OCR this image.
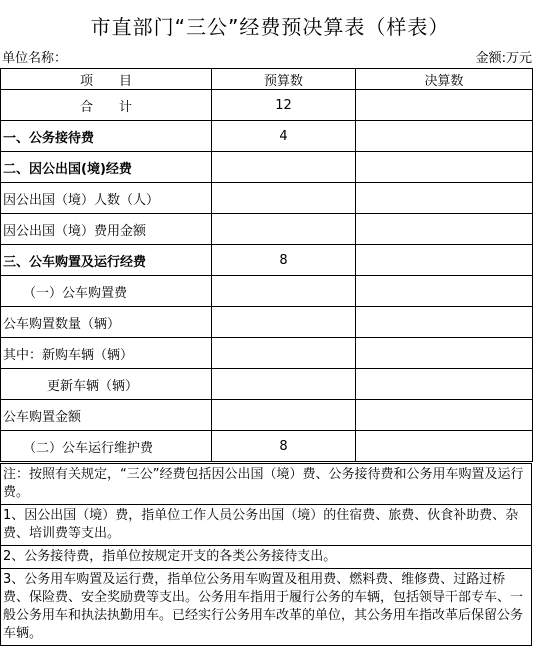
市直部门“三公”经费预决算表（样表）
单位名称：	金额:万元
项　　目	预算数	决算数
合　　计	12	
一、公务接待费	4	
二、因公出国(境)经费		
因公出国（境）人数（人）		
因公出国（境）费用金额		
三、公车购置及运行经费	8	
（一）公车购置费		
公车购置数量（辆）		
其中：新购车辆（辆）		
更新车辆（辆）		
公车购置金额		
（二）公车运行维护费	8	

注：按照有关规定，“三公”经费包括因公出国（境）费、公务接待费和公务用车购置及运行费。

1、因公出国（境）费，指单位工作人员公务出国（境）的住宿费、旅费、伙食补助费、杂费、培训费等支出。

2、公务接待费，指单位按规定开支的各类公务接待支出。

3、公务用车购置及运行费，指单位公务用车购置及租用费、燃料费、维修费、过路过桥费、保险费、安全奖励费等支出。公务用车指用于履行公务的车辆，包括领导干部专车、一般公务用车和执法执勤用车。已经实行公务用车改革的单位，其公务用车指改革后保留公务车辆。
